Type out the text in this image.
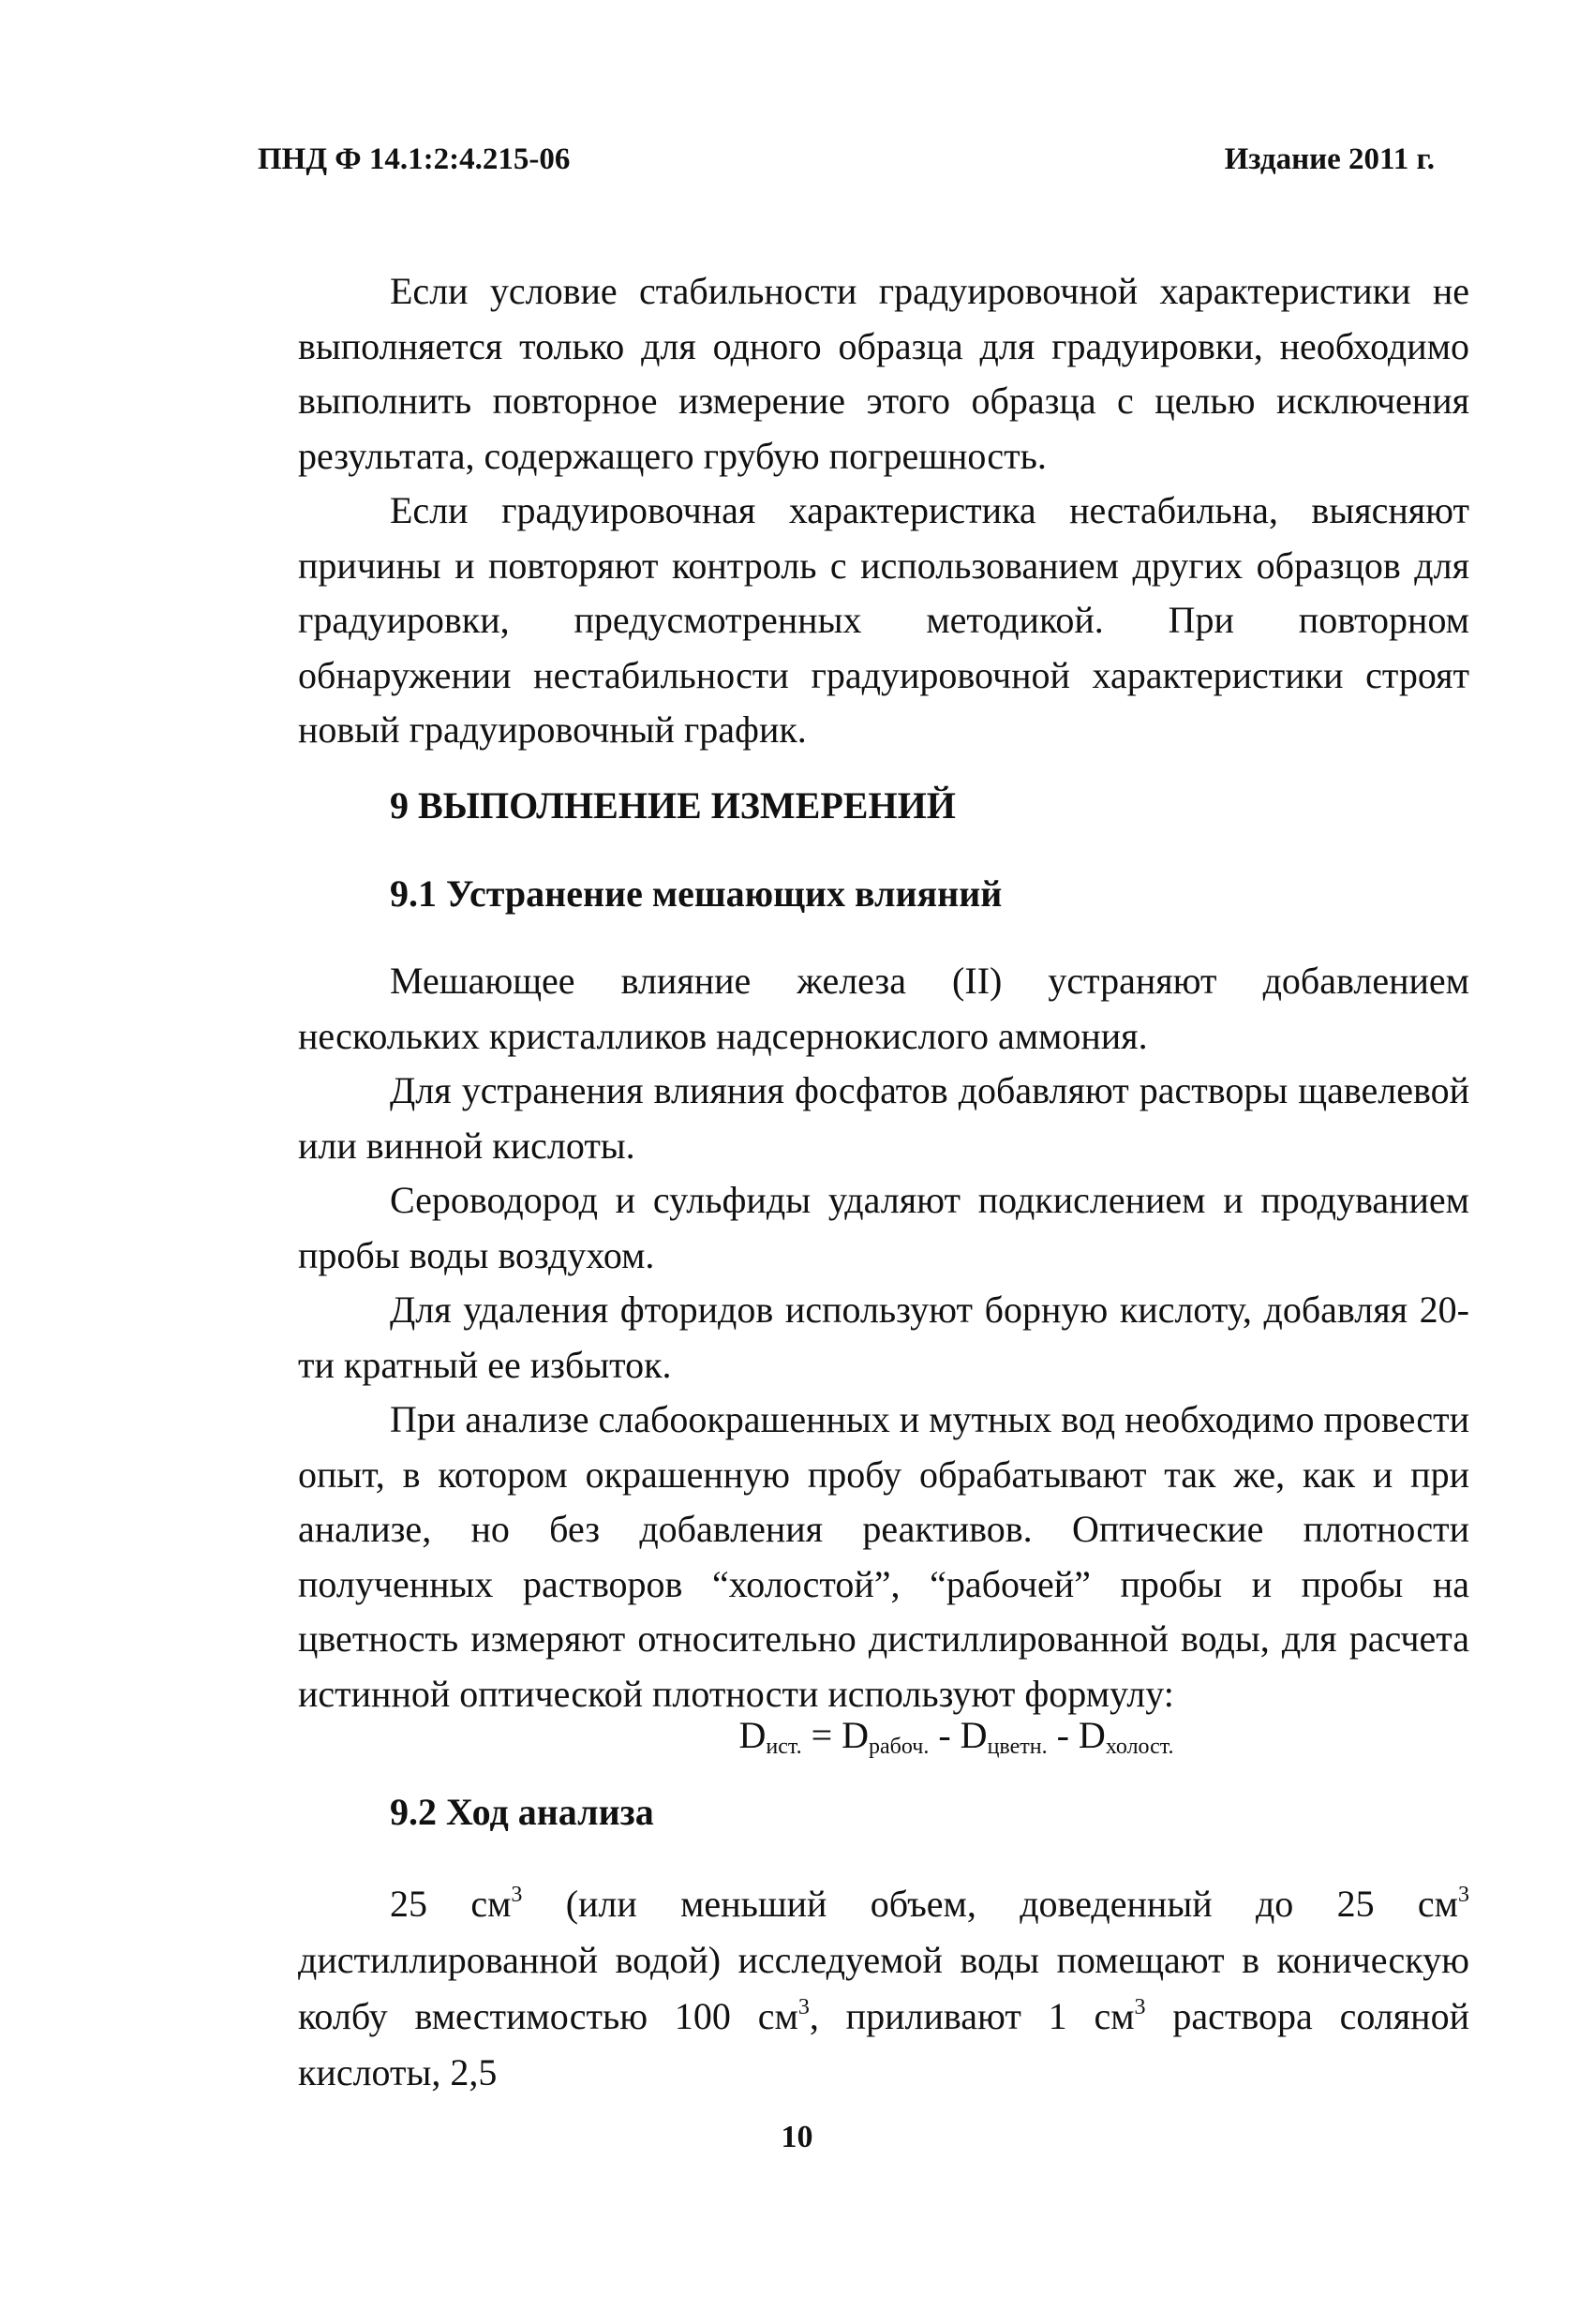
ПНД Ф 14.1:2:4.215-06	Издание 2011 г.

Если условие стабильности градуировочной характеристики не выполняется только для одного образца для градуировки, необходимо выполнить повторное измерение этого образца с целью исключения результата, содержащего грубую погрешность.

Если градуировочная характеристика нестабильна, выясняют причины и повторяют контроль с использованием других образцов для градуировки, предусмотренных методикой. При повторном обнаружении нестабильности градуировочной характеристики строят новый градуировочный график.

9 ВЫПОЛНЕНИЕ ИЗМЕРЕНИЙ
9.1 Устранение мешающих влияний

Мешающее влияние железа (II) устраняют добавлением нескольких кристалликов надсернокислого аммония.

Для устранения влияния фосфатов добавляют растворы щавелевой или винной кислоты.

Сероводород и сульфиды удаляют подкислением и продуванием пробы воды воздухом.

Для удаления фторидов используют борную кислоту, добавляя 20-ти кратный ее избыток.

При анализе слабоокрашенных и мутных вод необходимо провести опыт, в котором окрашенную пробу обрабатывают так же, как и при анализе, но без добавления реактивов. Оптические плотности полученных растворов “холостой”, “рабочей” пробы и пробы на цветность измеряют относительно дистиллированной воды, для расчета истинной оптической плотности используют формулу:

$D_{ист.} = D_{рабоч.} - D_{цветн.} - D_{холост.}$
9.2 Ход анализа

25 $см^3$ (или меньший объем, доведенный до 25 $см^3$ дистиллированной водой) исследуемой воды помещают в коническую колбу вместимостью 100 $см^3$, приливают 1 $см^3$ раствора соляной кислоты, 2,5

10
